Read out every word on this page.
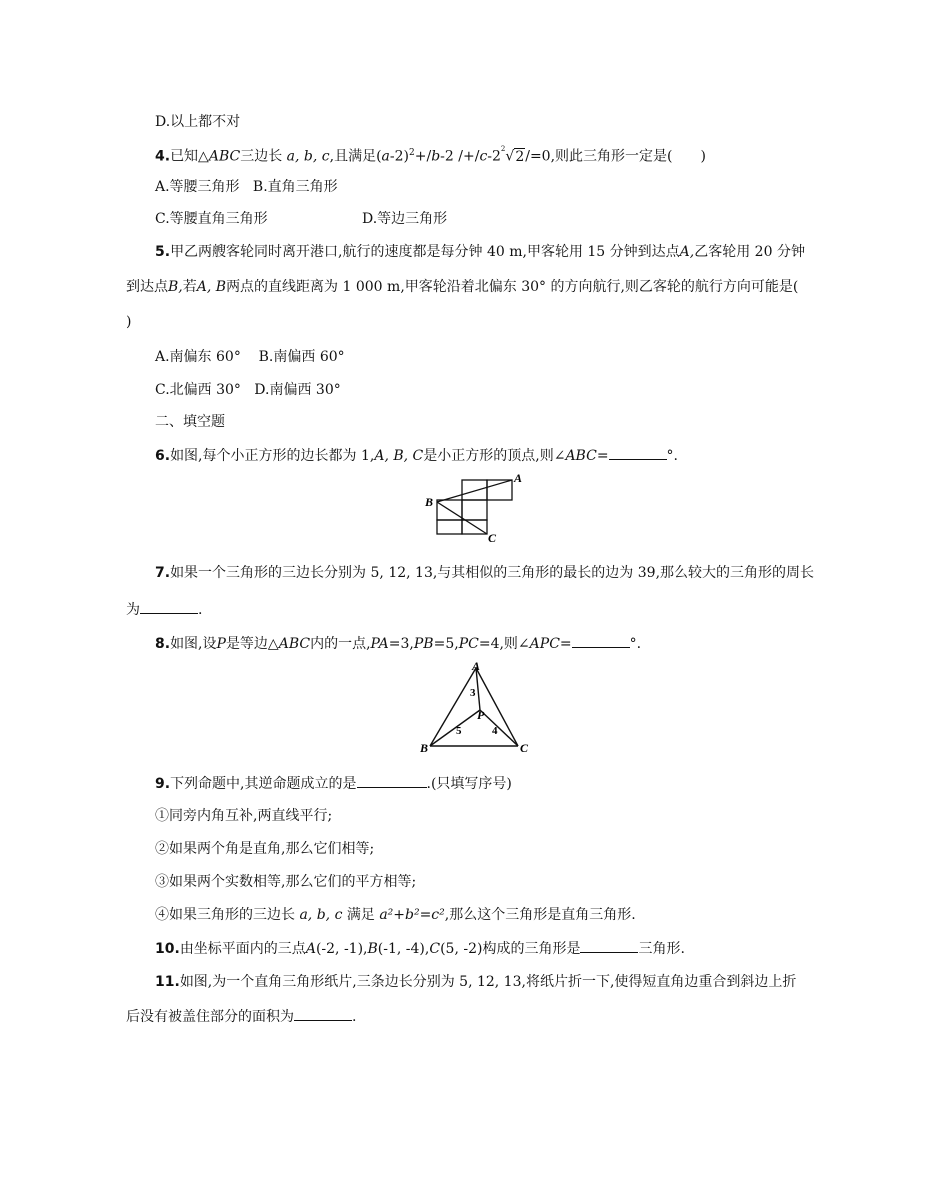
D.以上都不对
4.已知△ABC三边长 a, b, c,且满足$(a-2)^2+/b-2$ $/+/c-2^2√2/=0$,则此三角形一定是(　　)
A.等腰三角形 B.直角三角形
C.等腰直角三角形	D.等边三角形
5.甲乙两艘客轮同时离开港口,航行的速度都是每分钟 40 m,甲客轮用 15 分钟到达点A,乙客轮用 20 分钟
到达点B,若A, B两点的直线距离为 1 000 m,甲客轮沿着北偏东 30° 的方向航行,则乙客轮的航行方向可能是(
)
A.南偏东 60° B.南偏西 60°
C.北偏西 30° D.南偏西 30°
二、填空题
6.如图,每个小正方形的边长都为 1,A, B, C是小正方形的顶点,则∠ABC=	°.
A
B
C
7.如果一个三角形的三边长分别为 5, 12, 13,与其相似的三角形的最长的边为 39,那么较大的三角形的周长
为	.
8.如图,设P是等边△ABC内的一点,PA=3,PB=5,PC=4,则∠APC=	°.
A
B	C
P
3
5	4
9.下列命题中,其逆命题成立的是	.(只填写序号)
①同旁内角互补,两直线平行;
②如果两个角是直角,那么它们相等;
③如果两个实数相等,那么它们的平方相等;
④如果三角形的三边长 a, b, c 满足 a²+b²=c²,那么这个三角形是直角三角形.
10.由坐标平面内的三点A(-2, -1),B(-1, -4),C(5, -2)构成的三角形是	三角形.
11.如图,为一个直角三角形纸片,三条边长分别为 5, 12, 13,将纸片折一下,使得短直角边重合到斜边上折
后没有被盖住部分的面积为	.
